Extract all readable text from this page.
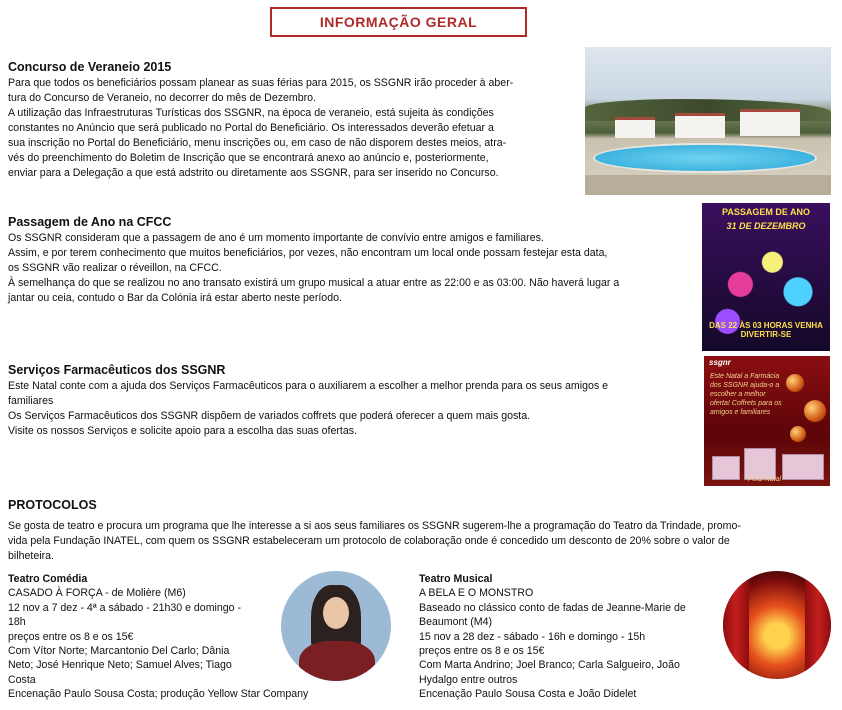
INFORMAÇÃO GERAL
Concurso de Veraneio 2015

Para que todos os beneficiários possam planear as suas férias para 2015, os SSGNR irão proceder à aber-

tura do Concurso de Veraneio, no decorrer do mês de Dezembro.

A utilização das Infraestruturas Turísticas dos SSGNR, na época de veraneio, está sujeita às condições

constantes no Anúncio que será publicado no Portal do Beneficiário. Os interessados deverão efetuar a

sua inscrição no Portal do Beneficiário, menu inscrições ou, em caso de não disporem destes meios, atra-

vés do preenchimento do Boletim de Inscrição que se encontrará anexo ao anúncio e, posteriormente,

enviar para a Delegação a que está adstrito ou diretamente aos SSGNR, para ser inserido no Concurso.

Passagem de Ano na CFCC

Os SSGNR consideram que a passagem de ano é um momento importante de convívio entre amigos e familiares.

Assim, e por terem conhecimento que muitos beneficiários, por vezes, não encontram um local onde possam festejar esta data,

os SSGNR vão realizar o réveillon, na CFCC.

À semelhança do que se realizou no ano transato existirá um grupo musical a atuar entre as 22:00 e as 03:00. Não haverá lugar a

jantar ou ceia, contudo o Bar da Colónia irá estar aberto neste período.

PASSAGEM DE ANO
31 DE DEZEMBRO
DAS 22 ÀS 03 HORAS VENHA DIVERTIR-SE
Serviços Farmacêuticos dos SSGNR

Este Natal conte com a ajuda dos Serviços Farmacêuticos para o auxiliarem a escolher a melhor prenda para os seus amigos e

familiares

Os Serviços Farmacêuticos dos SSGNR dispõem de variados coffrets que poderá oferecer a quem mais gosta.

Visite os nossos Serviços e solicite apoio para a escolha das suas ofertas.

ssgnr
Este Natal a Farmácia dos SSGNR ajuda-o a escolher a melhor oferta! Coffrets para os amigos e familiares
Feliz Natal
PROTOCOLOS

Se gosta de teatro e procura um programa que lhe interesse a si aos seus familiares os SSGNR sugerem-lhe a programação do Teatro da Trindade, promo-

vida pela Fundação INATEL, com quem os SSGNR estabeleceram um protocolo de colaboração onde é concedido um desconto de 20% sobre o valor de

bilheteira.

Teatro Comédia
CASADO À FORÇA - de Molière (M6)
12 nov a 7 dez - 4ª a sábado - 21h30 e domingo -
18h
preços entre os 8 e os 15€
Com Vítor Norte; Marcantonio Del Carlo; Dânia
Neto; José Henrique Neto; Samuel Alves; Tiago
Costa
Encenação Paulo Sousa Costa; produção Yellow Star Company
Teatro Musical
A BELA E O MONSTRO
Baseado no clássico conto de fadas de Jeanne-Marie de
Beaumont (M4)
15 nov a 28 dez - sábado - 16h e domingo - 15h
preços entre os 8 e os 15€
Com Marta Andrino; Joel Branco; Carla Salgueiro, João
Hydalgo entre outros
Encenação Paulo Sousa Costa e João Didelet
